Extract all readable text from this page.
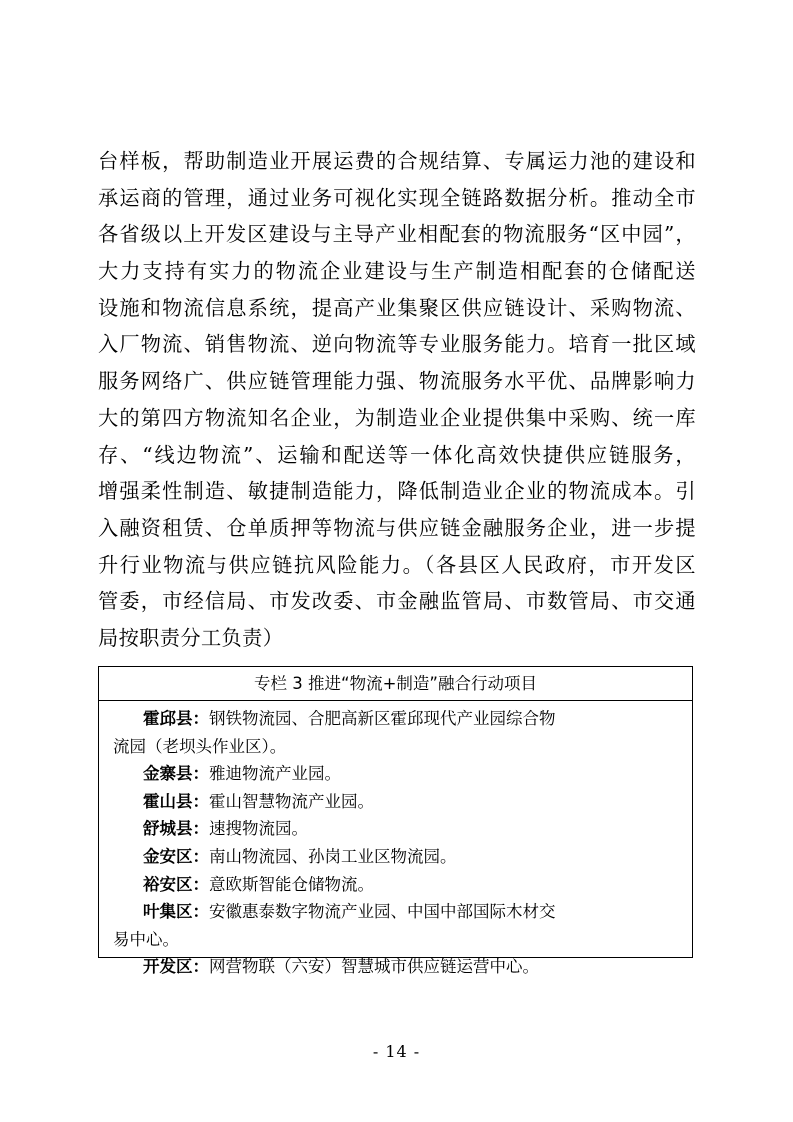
台样板，帮助制造业开展运费的合规结算、专属运力池的建设和
承运商的管理，通过业务可视化实现全链路数据分析。推动全市
各省级以上开发区建设与主导产业相配套的物流服务“区中园”，
大力支持有实力的物流企业建设与生产制造相配套的仓储配送
设施和物流信息系统，提高产业集聚区供应链设计、采购物流、
入厂物流、销售物流、逆向物流等专业服务能力。培育一批区域
服务网络广、供应链管理能力强、物流服务水平优、品牌影响力
大的第四方物流知名企业，为制造业企业提供集中采购、统一库
存、“线边物流”、运输和配送等一体化高效快捷供应链服务，
增强柔性制造、敏捷制造能力，降低制造业企业的物流成本。引
入融资租赁、仓单质押等物流与供应链金融服务企业，进一步提
升行业物流与供应链抗风险能力。（各县区人民政府，市开发区
管委，市经信局、市发改委、市金融监管局、市数管局、市交通
局按职责分工负责）
专栏 3 推进“物流+制造”融合行动项目
霍邱县：钢铁物流园、合肥高新区霍邱现代产业园综合物
流园（老坝头作业区）。
金寨县：雅迪物流产业园。
霍山县：霍山智慧物流产业园。
舒城县：速搜物流园。
金安区：南山物流园、孙岗工业区物流园。
裕安区：意欧斯智能仓储物流。
叶集区：安徽惠泰数字物流产业园、中国中部国际木材交
易中心。
开发区：网营物联（六安）智慧城市供应链运营中心。
- 14 -
